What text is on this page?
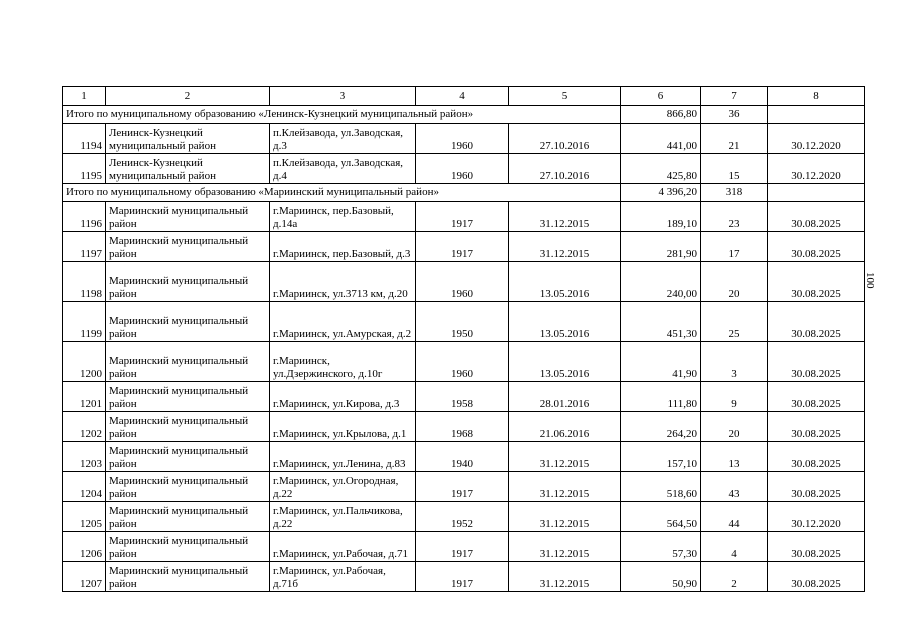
1	2	3	4	5	6	7	8
Итого по муниципальному образованию «Ленинск-Кузнецкий муниципальный район»					866,80	36	
1194	Ленинск-Кузнецкий муниципальный район	п.Клейзавода, ул.Заводская, д.3	1960	27.10.2016	441,00	21	30.12.2020
1195	Ленинск-Кузнецкий муниципальный район	п.Клейзавода, ул.Заводская, д.4	1960	27.10.2016	425,80	15	30.12.2020
Итого по муниципальному образованию «Мариинский муниципальный район»					4 396,20	318	
1196	Мариинский муниципальный район	г.Мариинск, пер.Базовый, д.14а	1917	31.12.2015	189,10	23	30.08.2025
1197	Мариинский муниципальный район	г.Мариинск, пер.Базовый, д.3	1917	31.12.2015	281,90	17	30.08.2025
1198	Мариинский муниципальный район	г.Мариинск, ул.3713 км, д.20	1960	13.05.2016	240,00	20	30.08.2025
1199	Мариинский муниципальный район	г.Мариинск, ул.Амурская, д.2	1950	13.05.2016	451,30	25	30.08.2025
1200	Мариинский муниципальный район	г.Мариинск, ул.Дзержинского, д.10г	1960	13.05.2016	41,90	3	30.08.2025
1201	Мариинский муниципальный район	г.Мариинск, ул.Кирова, д.3	1958	28.01.2016	111,80	9	30.08.2025
1202	Мариинский муниципальный район	г.Мариинск, ул.Крылова, д.1	1968	21.06.2016	264,20	20	30.08.2025
1203	Мариинский муниципальный район	г.Мариинск, ул.Ленина, д.83	1940	31.12.2015	157,10	13	30.08.2025
1204	Мариинский муниципальный район	г.Мариинск, ул.Огородная, д.22	1917	31.12.2015	518,60	43	30.08.2025
1205	Мариинский муниципальный район	г.Мариинск, ул.Пальчикова, д.22	1952	31.12.2015	564,50	44	30.12.2020
1206	Мариинский муниципальный район	г.Мариинск, ул.Рабочая, д.71	1917	31.12.2015	57,30	4	30.08.2025
1207	Мариинский муниципальный район	г.Мариинск, ул.Рабочая, д.71б	1917	31.12.2015	50,90	2	30.08.2025
100
